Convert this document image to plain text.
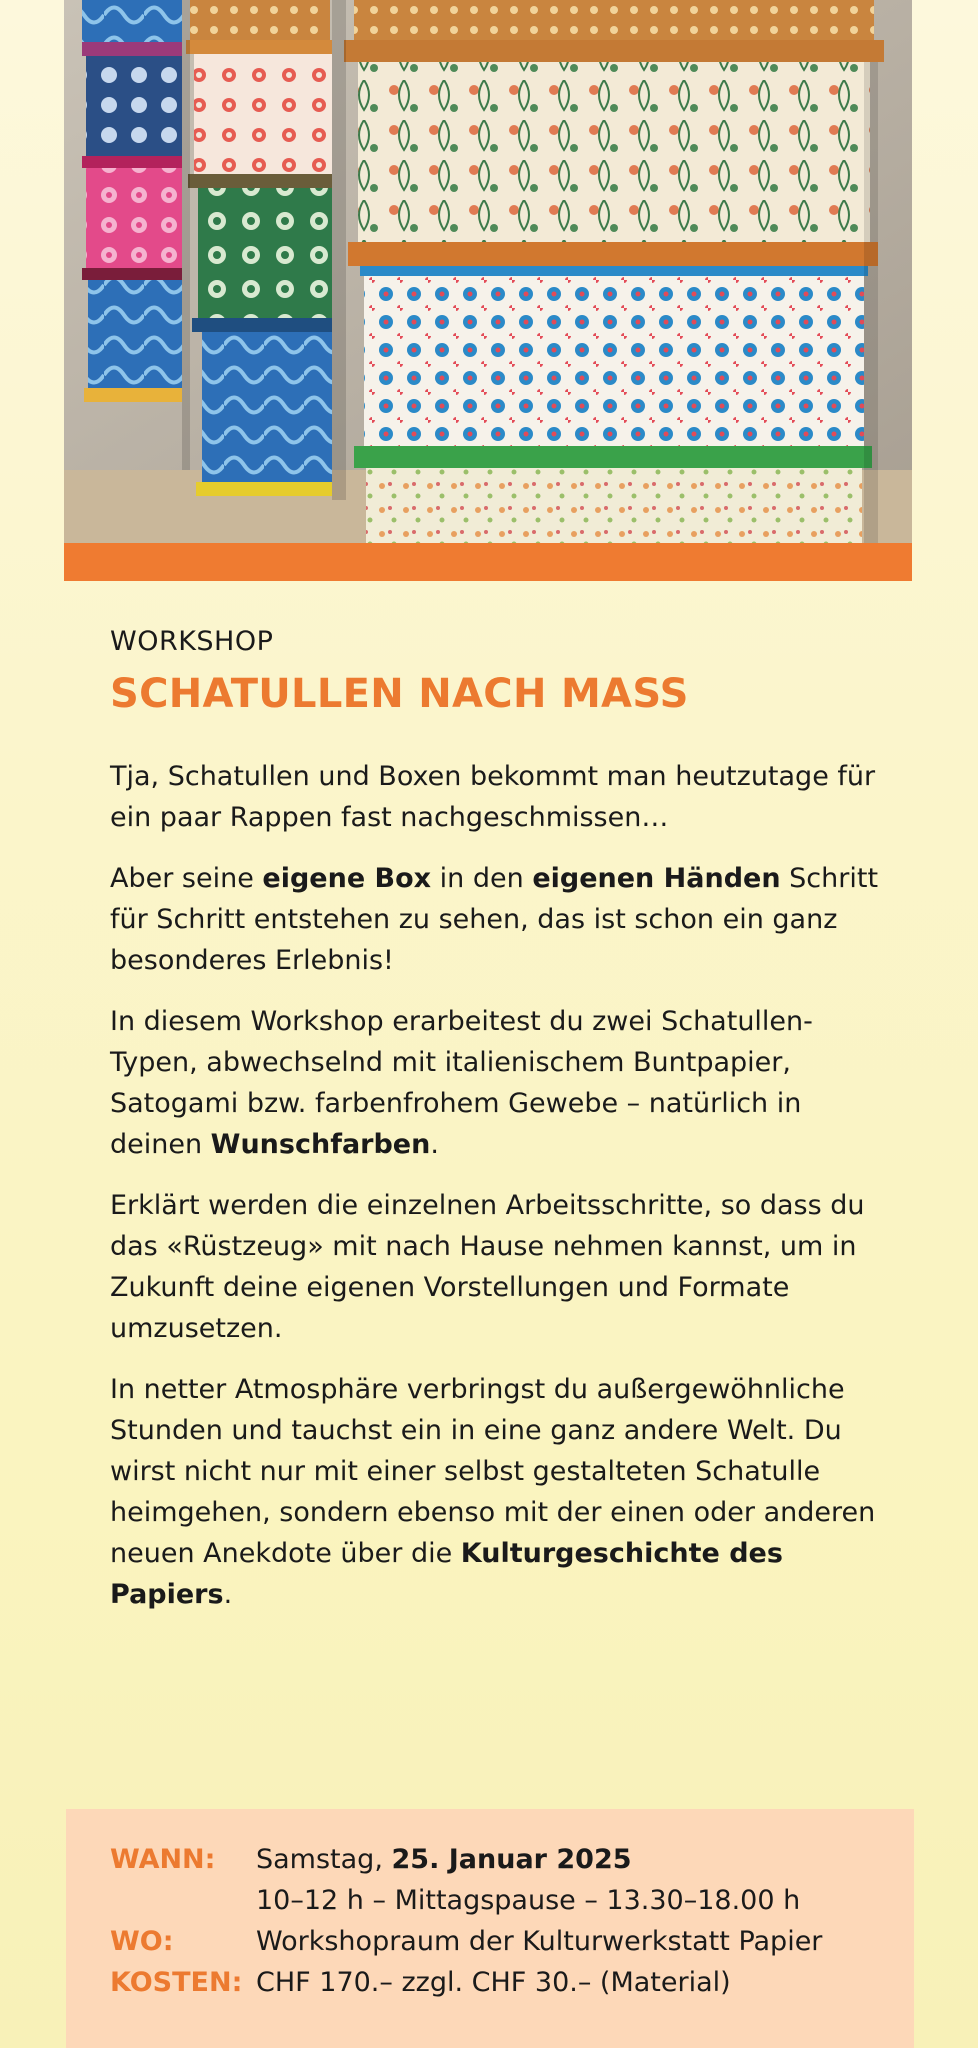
WORKSHOP
SCHATULLEN NACH MASS

Tja, Schatullen und Boxen bekommt man heutzutage für ein paar Rappen fast nachgeschmissen…

Aber seine eigene Box in den eigenen Händen Schritt für Schritt entstehen zu sehen, das ist schon ein ganz besonderes Erlebnis!

In diesem Workshop erarbeitest du zwei Schatullen-Typen, abwechselnd mit italienischem Buntpapier, Satogami bzw. farbenfrohem Gewebe – natürlich in deinen Wunschfarben.

Erklärt werden die einzelnen Arbeitsschritte, so dass du das «Rüstzeug» mit nach Hause nehmen kannst, um in Zukunft deine eigenen Vorstellungen und Formate umzusetzen.

In netter Atmosphäre verbringst du außergewöhnliche Stunden und tauchst ein in eine ganz andere Welt. Du wirst nicht nur mit einer selbst gestalteten Schatulle heimgehen, sondern ebenso mit der einen oder anderen neuen Anekdote über die Kulturgeschichte des Papiers.

WANN:	Samstag, 25. Januar 2025
10–12 h – Mittagspause – 13.30–18.00 h
WO:	Workshopraum der Kulturwerkstatt Papier
KOSTEN: CHF 170.– zzgl. CHF 30.– (Material)
